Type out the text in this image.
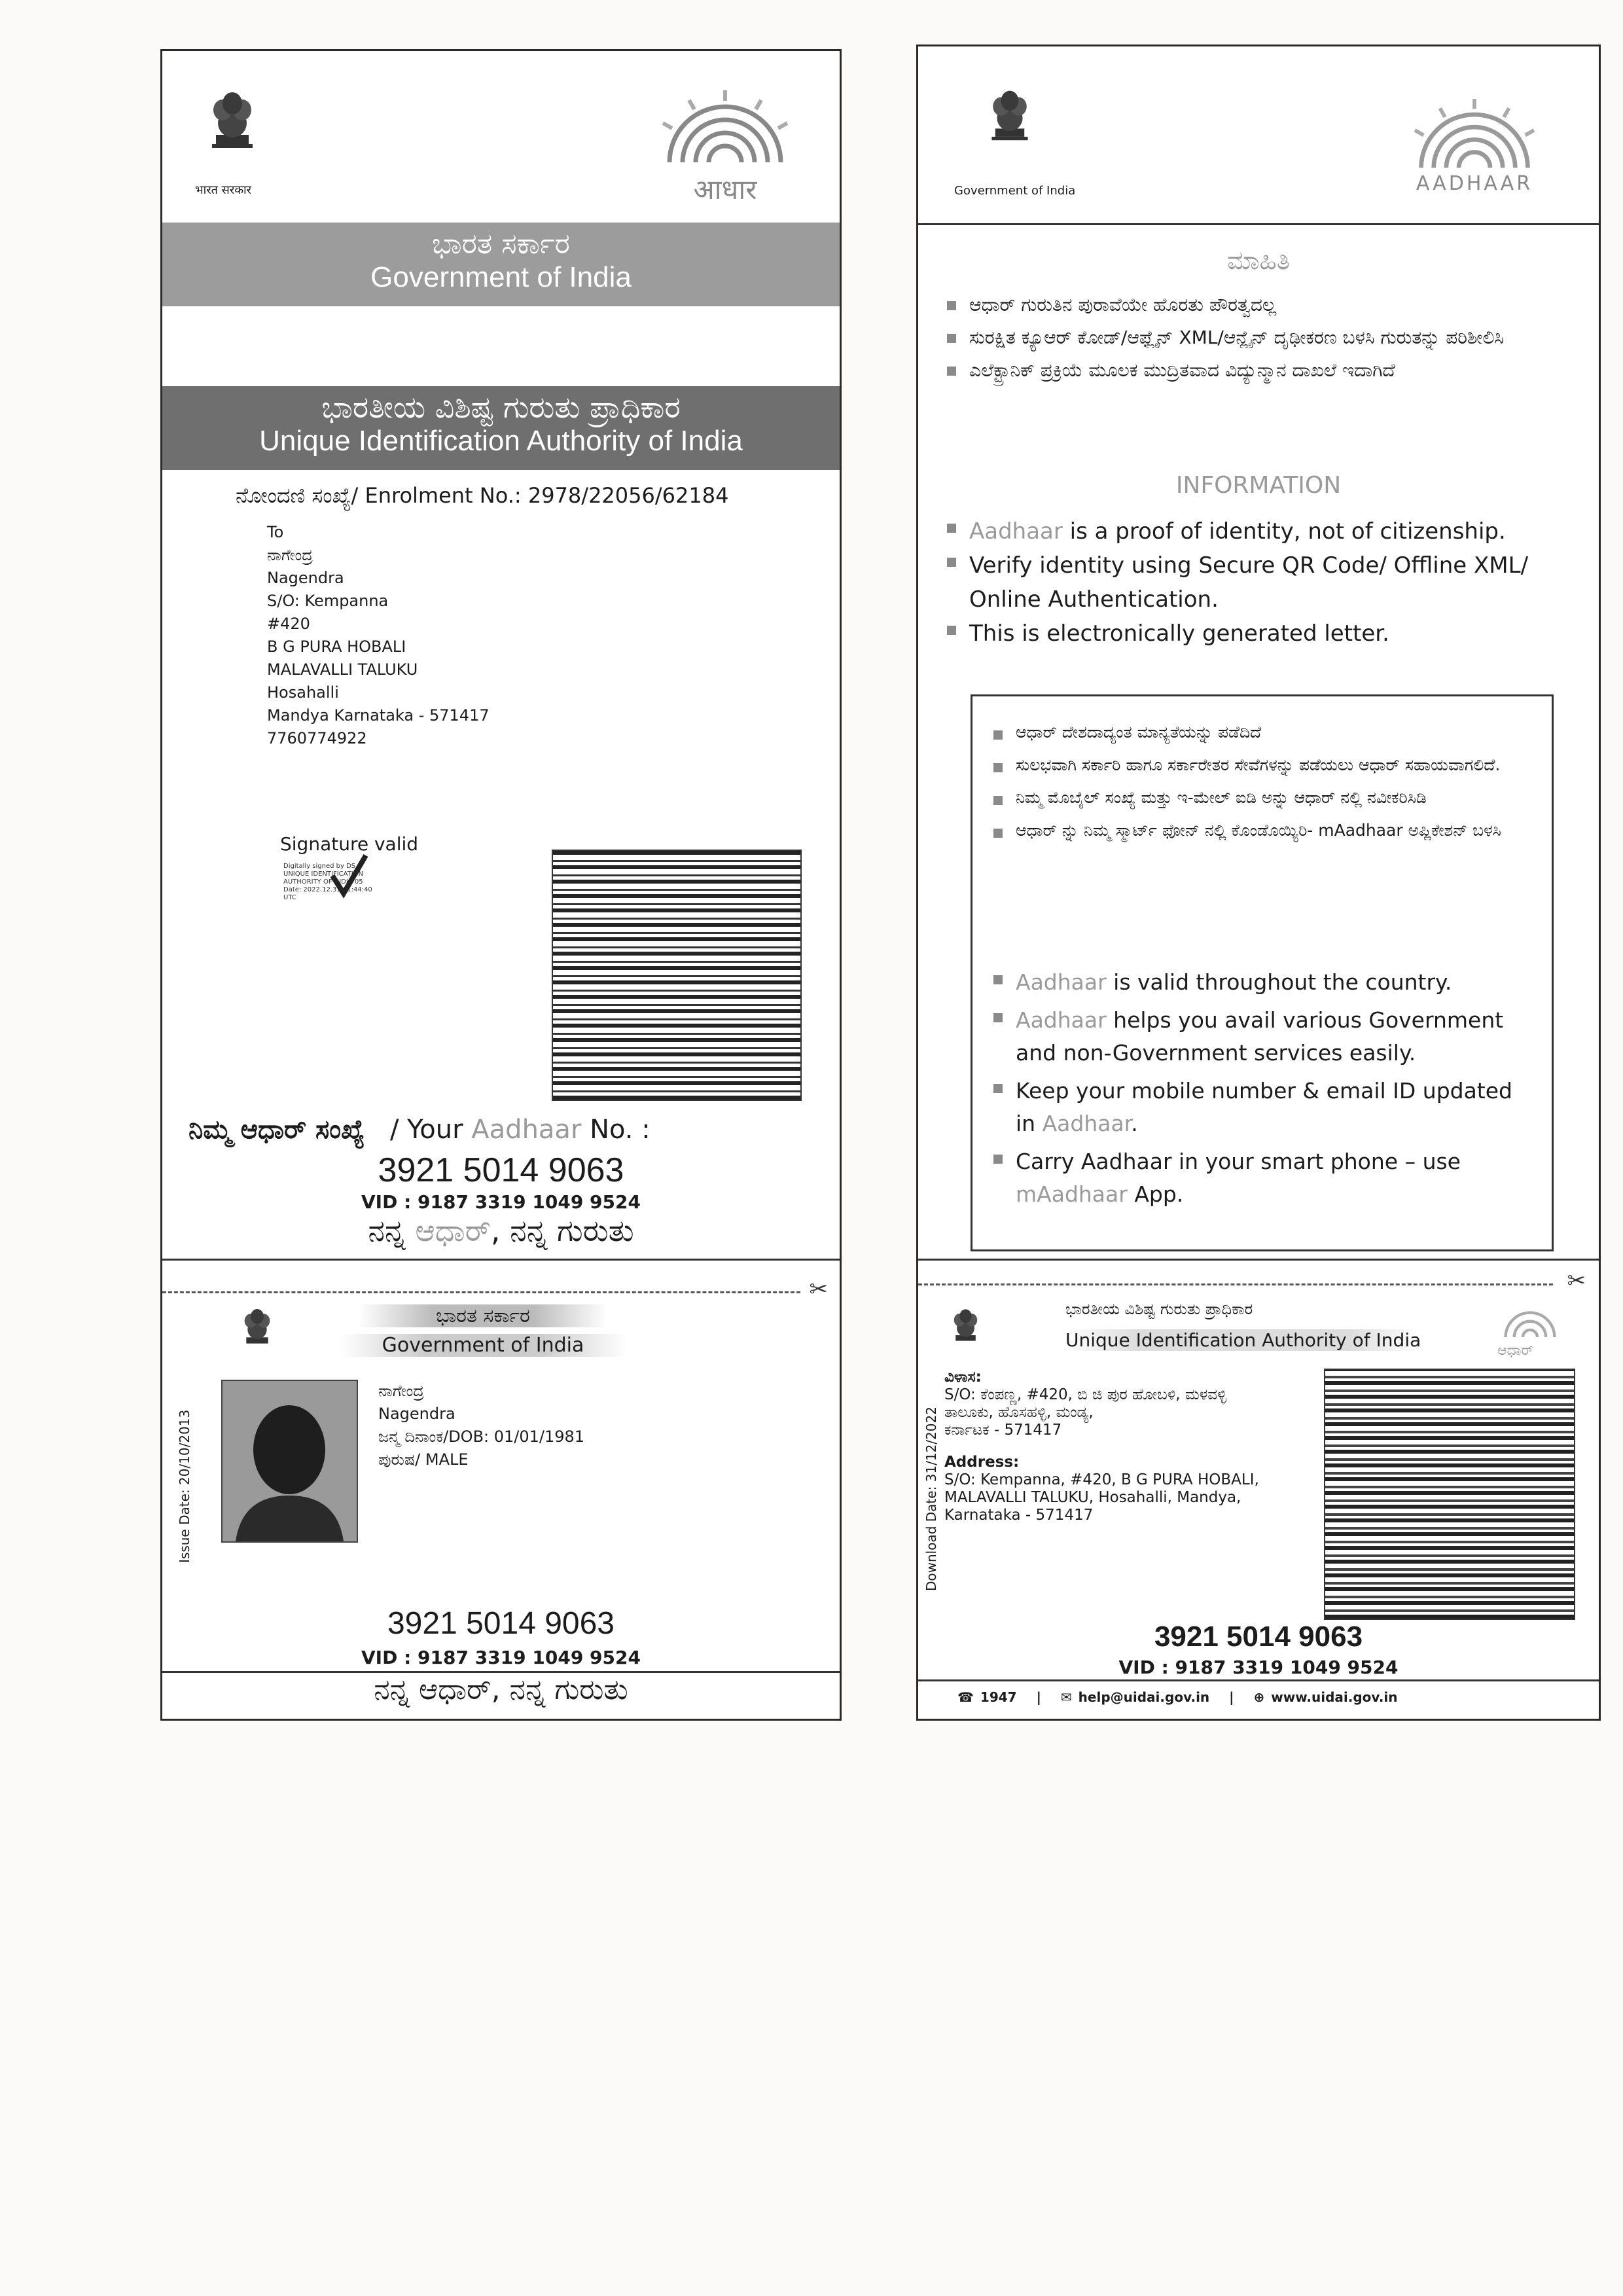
भारत सरकार	आधार
ಭಾರತ ಸರ್ಕಾರ
Government of India
ಭಾರತೀಯ ವಿಶಿಷ್ಟ ಗುರುತು ಪ್ರಾಧಿಕಾರ
Unique Identification Authority of India
ನೋಂದಣಿ ಸಂಖ್ಯೆ/ Enrolment No.: 2978/22056/62184
To
ನಾಗೇಂದ್ರ
Nagendra
S/O: Kempanna
#420
B G PURA HOBALI
MALAVALLI TALUKU
Hosahalli
Mandya Karnataka - 571417
7760774922
Signature valid
Digitally signed by DS
UNIQUE IDENTIFICATION
AUTHORITY OF INDIA 05
Date: 2022.12.31 11:44:40
UTC
ನಿಮ್ಮ ಆಧಾರ್ ಸಂಖ್ಯೆ / Your Aadhaar No. :
3921 5014 9063
VID : 9187 3319 1049 9524
ನನ್ನ ಆಧಾರ್, ನನ್ನ ಗುರುತು
✂
ಭಾರತ ಸರ್ಕಾರ
Government of India
Issue Date: 20/10/2013
ನಾಗೇಂದ್ರ
Nagendra
ಜನ್ಮ ದಿನಾಂಕ/DOB: 01/01/1981
ಪುರುಷ/ MALE
3921 5014 9063
VID : 9187 3319 1049 9524
ನನ್ನ ಆಧಾರ್, ನನ್ನ ಗುರುತು
Government of India	AADHAAR
ಮಾಹಿತಿ
ಆಧಾರ್ ಗುರುತಿನ ಪುರಾವೆಯೇ ಹೊರತು ಪೌರತ್ವದಲ್ಲ
ಸುರಕ್ಷಿತ ಕ್ಯೂಆರ್ ಕೋಡ್/ಆಫ್ಲೈನ್ XML/ಆನ್ಲೈನ್ ದೃಢೀಕರಣ ಬಳಸಿ ಗುರುತನ್ನು ಪರಿಶೀಲಿಸಿ
ಎಲೆಕ್ಟ್ರಾನಿಕ್ ಪ್ರಕ್ರಿಯೆ ಮೂಲಕ ಮುದ್ರಿತವಾದ ವಿದ್ಯುನ್ಮಾನ ದಾಖಲೆ ಇದಾಗಿದೆ
INFORMATION
Aadhaar is a proof of identity, not of citizenship.
Verify identity using Secure QR Code/ Offline XML/ Online Authentication.
This is electronically generated letter.
ಆಧಾರ್ ದೇಶದಾದ್ಯಂತ ಮಾನ್ಯತೆಯನ್ನು ಪಡೆದಿದೆ
ಸುಲಭವಾಗಿ ಸರ್ಕಾರಿ ಹಾಗೂ ಸರ್ಕಾರೇತರ ಸೇವೆಗಳನ್ನು ಪಡೆಯಲು ಆಧಾರ್ ಸಹಾಯವಾಗಲಿದೆ.
ನಿಮ್ಮ ಮೊಬೈಲ್ ಸಂಖ್ಯೆ ಮತ್ತು ಇ-ಮೇಲ್ ಐಡಿ ಅನ್ನು ಆಧಾರ್ ನಲ್ಲಿ ನವೀಕರಿಸಿಡಿ
ಆಧಾರ್ ನ್ನು ನಿಮ್ಮ ಸ್ಮಾರ್ಟ್ ಫೋನ್ ನಲ್ಲಿ ಕೊಂಡೊಯ್ಯಿರಿ- mAadhaar ಅಪ್ಲಿಕೇಶನ್ ಬಳಸಿ
Aadhaar is valid throughout the country.
Aadhaar helps you avail various Government and non-Government services easily.
Keep your mobile number & email ID updated in Aadhaar.
Carry Aadhaar in your smart phone – use mAadhaar App.
✂
ಭಾರತೀಯ ವಿಶಿಷ್ಟ ಗುರುತು ಪ್ರಾಧಿಕಾರ
Unique Identification Authority of India	ಆಧಾರ್
Download Date: 31/12/2022
ವಿಳಾಸ:
S/O: ಕೆಂಪಣ್ಣ, #420, ಬಿ ಜಿ ಪುರ ಹೋಬಳಿ, ಮಳವಳ್ಳಿ
ತಾಲೂಕು, ಹೊಸಹಳ್ಳಿ, ಮಂಡ್ಯ,
ಕರ್ನಾಟಕ - 571417
Address:
S/O: Kempanna, #420, B G PURA HOBALI,
MALAVALLI TALUKU, Hosahalli, Mandya,
Karnataka - 571417
3921 5014 9063
VID : 9187 3319 1049 9524
☎ 1947 | ✉ help@uidai.gov.in | ⊕ www.uidai.gov.in
